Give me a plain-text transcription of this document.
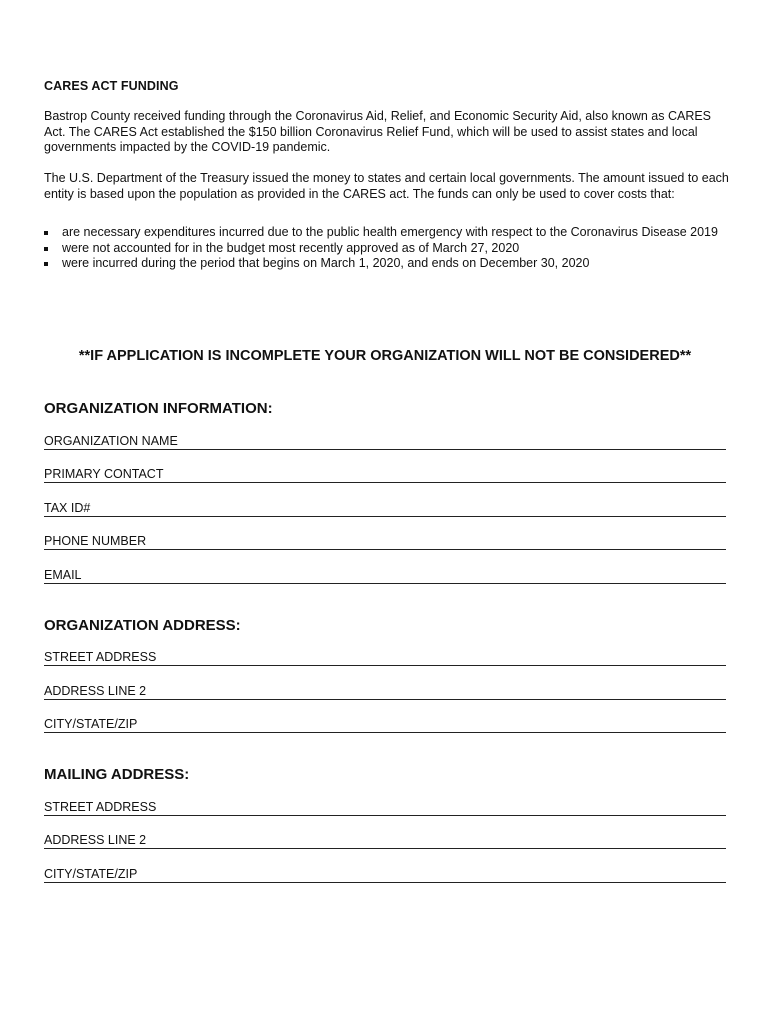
CARES ACT FUNDING
Bastrop County received funding through the Coronavirus Aid, Relief, and Economic Security Aid, also known as CARES Act. The CARES Act established the $150 billion Coronavirus Relief Fund, which will be used to assist states and local governments impacted by the COVID-19 pandemic.
The U.S. Department of the Treasury issued the money to states and certain local governments. The amount issued to each entity is based upon the population as provided in the CARES act. The funds can only be used to cover costs that:
are necessary expenditures incurred due to the public health emergency with respect to the Coronavirus Disease 2019
were not accounted for in the budget most recently approved as of March 27, 2020
were incurred during the period that begins on March 1, 2020, and ends on December 30, 2020
**IF APPLICATION IS INCOMPLETE YOUR ORGANIZATION WILL NOT BE CONSIDERED**
ORGANIZATION INFORMATION:
ORGANIZATION NAME
PRIMARY CONTACT
TAX ID#
PHONE NUMBER
EMAIL
ORGANIZATION ADDRESS:
STREET ADDRESS
ADDRESS LINE 2
CITY/STATE/ZIP
MAILING ADDRESS:
STREET ADDRESS
ADDRESS LINE 2
CITY/STATE/ZIP
